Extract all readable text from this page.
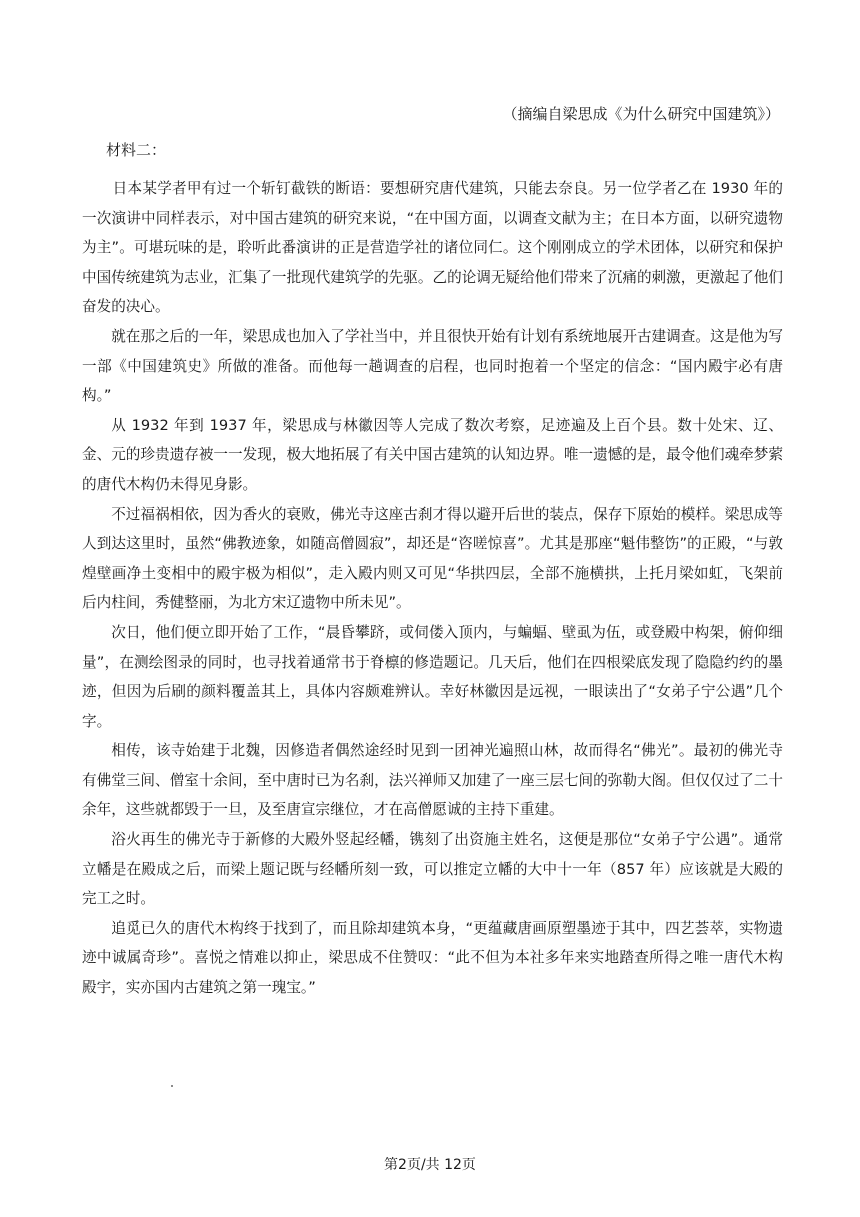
（摘编自梁思成《为什么研究中国建筑》）
材料二：

日本某学者甲有过一个斩钉截铁的断语：要想研究唐代建筑，只能去奈良。另一位学者乙在 1930 年的一次演讲中同样表示，对中国古建筑的研究来说，“在中国方面，以调查文献为主；在日本方面，以研究遗物为主”。可堪玩味的是，聆听此番演讲的正是营造学社的诸位同仁。这个刚刚成立的学术团体，以研究和保护中国传统建筑为志业，汇集了一批现代建筑学的先驱。乙的论调无疑给他们带来了沉痛的刺激，更激起了他们奋发的决心。

就在那之后的一年，梁思成也加入了学社当中，并且很快开始有计划有系统地展开古建调查。这是他为写一部《中国建筑史》所做的准备。而他每一趟调查的启程，也同时抱着一个坚定的信念：“国内殿宇必有唐构。”

从 1932 年到 1937 年，梁思成与林徽因等人完成了数次考察，足迹遍及上百个县。数十处宋、辽、金、元的珍贵遗存被一一发现，极大地拓展了有关中国古建筑的认知边界。唯一遗憾的是，最令他们魂牵梦萦的唐代木构仍未得见身影。

不过福祸相依，因为香火的衰败，佛光寺这座古刹才得以避开后世的装点，保存下原始的模样。梁思成等人到达这里时，虽然“佛教迹象，如随高僧圆寂”，却还是“咨嗟惊喜”。尤其是那座“魁伟整饬”的正殿，“与敦煌壁画净土变相中的殿宇极为相似”，走入殿内则又可见“华拱四层，全部不施横拱，上托月梁如虹，飞架前后内柱间，秀健整丽，为北方宋辽遗物中所未见”。

次日，他们便立即开始了工作，“晨昏攀跻，或伺偻入顶内，与蝙蝠、壁虱为伍，或登殿中构架，俯仰细量”，在测绘图录的同时，也寻找着通常书于脊檩的修造题记。几天后，他们在四根梁底发现了隐隐约约的墨迹，但因为后刷的颜料覆盖其上，具体内容颇难辨认。幸好林徽因是远视，一眼读出了“女弟子宁公遇”几个字。

相传，该寺始建于北魏，因修造者偶然途经时见到一团神光遍照山林，故而得名“佛光”。最初的佛光寺有佛堂三间、僧室十余间，至中唐时已为名刹，法兴禅师又加建了一座三层七间的弥勒大阁。但仅仅过了二十余年，这些就都毁于一旦，及至唐宣宗继位，才在高僧愿诚的主持下重建。

浴火再生的佛光寺于新修的大殿外竖起经幡，镌刻了出资施主姓名，这便是那位“女弟子宁公遇”。通常立幡是在殿成之后，而梁上题记既与经幡所刻一致，可以推定立幡的大中十一年（857 年）应该就是大殿的完工之时。

追觅已久的唐代木构终于找到了，而且除却建筑本身，“更蕴藏唐画原塑墨迹于其中，四艺荟萃，实物遗迹中诚属奇珍”。喜悦之情难以抑止，梁思成不住赞叹：“此不但为本社多年来实地踏查所得之唯一唐代木构殿宇，实亦国内古建筑之第一瑰宝。”

第2页/共 12页
